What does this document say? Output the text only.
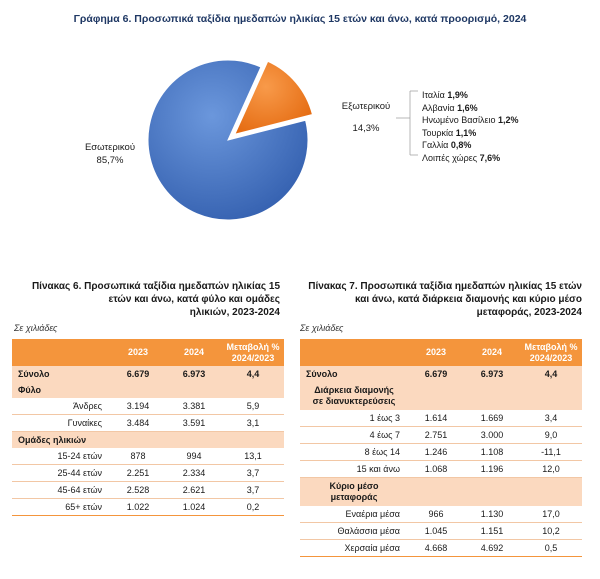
Γράφημα 6. Προσωπικά ταξίδια ημεδαπών ηλικίας 15 ετών και άνω, κατά προορισμό, 2024
Εσωτερικού
85,7%
Εξωτερικού
14,3%
Ιταλία 1,9%
Αλβανία 1,6%
Ηνωμένο Βασίλειο 1,2%
Τουρκία 1,1%
Γαλλία 0,8%
Λοιπές χώρες 7,6%
Πίνακας 6. Προσωπικά ταξίδια ημεδαπών ηλικίας 15
ετών και άνω, κατά φύλο και ομάδες
ηλικιών, 2023-2024
Σε χιλιάδες
	2023	2024	Μεταβολή %
2024/2023

Σύνολο	6.679	6.973	4,4
Φύλο			
Άνδρες	3.194	3.381	5,9
Γυναίκες	3.484	3.591	3,1
Ομάδες ηλικιών			
15-24 ετών	878	994	13,1
25-44 ετών	2.251	2.334	3,7
45-64 ετών	2.528	2.621	3,7
65+ ετών	1.022	1.024	0,2
Πίνακας 7. Προσωπικά ταξίδια ημεδαπών ηλικίας 15 ετών
και άνω, κατά διάρκεια διαμονής και κύριο μέσο
μεταφοράς, 2023-2024
Σε χιλιάδες
	2023	2024	Μεταβολή %
2024/2023

Σύνολο	6.679	6.973	4,4

Διάρκεια διαμονής
σε διανυκτερεύσεις			

1 έως 3	1.614	1.669	3,4
4 έως 7	2.751	3.000	9,0
8 έως 14	1.246	1.108	-11,1
15 και άνω	1.068	1.196	12,0

Κύριο μέσο
μεταφοράς			

Εναέρια μέσα	966	1.130	17,0
Θαλάσσια μέσα	1.045	1.151	10,2
Χερσαία μέσα	4.668	4.692	0,5
